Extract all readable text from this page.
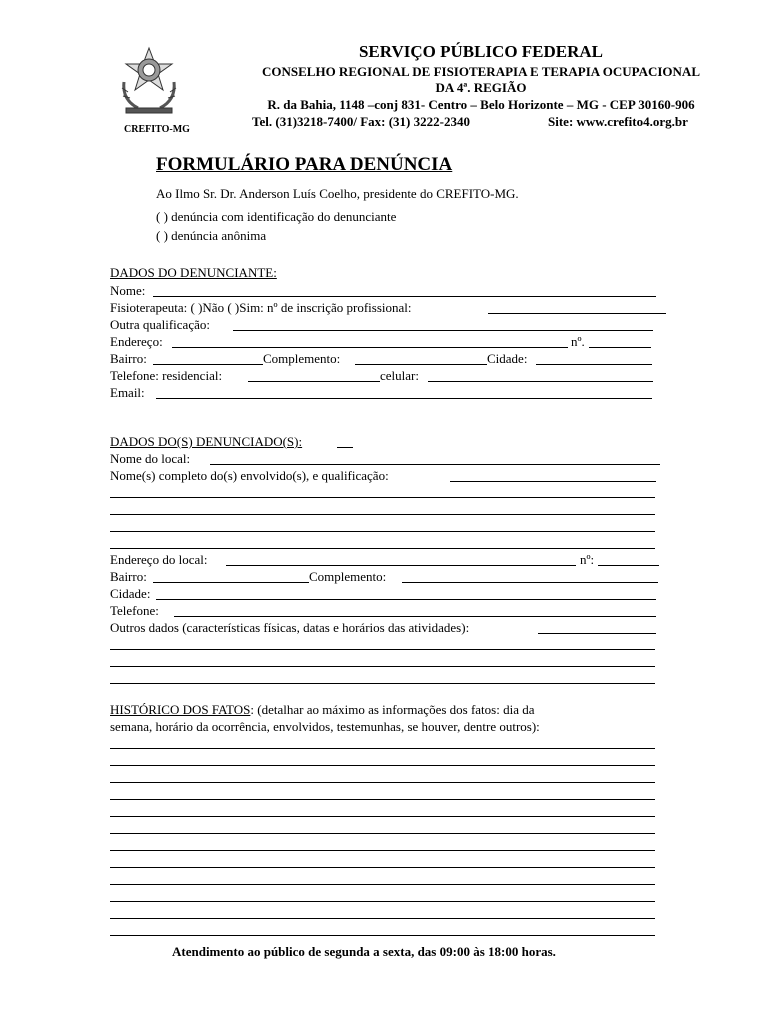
CREFITO-MG
SERVIÇO PÚBLICO FEDERAL
CONSELHO REGIONAL DE FISIOTERAPIA E TERAPIA OCUPACIONAL
DA 4ª. REGIÃO
R. da Bahia, 1148 –conj 831- Centro – Belo Horizonte – MG - CEP 30160-906
Tel. (31)3218-7400/ Fax: (31) 3222-2340	Site: www.crefito4.org.br
FORMULÁRIO PARA DENÚNCIA
Ao Ilmo Sr. Dr. Anderson Luís Coelho, presidente do CREFITO-MG.
( ) denúncia com identificação do denunciante
( ) denúncia anônima
DADOS DO DENUNCIANTE:
Nome:
Fisioterapeuta: ( )Não ( )Sim: nº de inscrição profissional:
Outra qualificação:
Endereço:	nº.
Bairro:	Complemento:	Cidade:
Telefone: residencial:	celular:
Email:
DADOS DO(S) DENUNCIADO(S):
Nome do local:
Nome(s) completo do(s) envolvido(s), e qualificação:
Endereço do local:	nº:
Bairro:	Complemento:
Cidade:
Telefone:
Outros dados (características físicas, datas e horários das atividades):
HISTÓRICO DOS FATOS: (detalhar ao máximo as informações dos fatos: dia da
semana, horário da ocorrência, envolvidos, testemunhas, se houver, dentre outros):
Atendimento ao público de segunda a sexta, das 09:00 às 18:00 horas.
